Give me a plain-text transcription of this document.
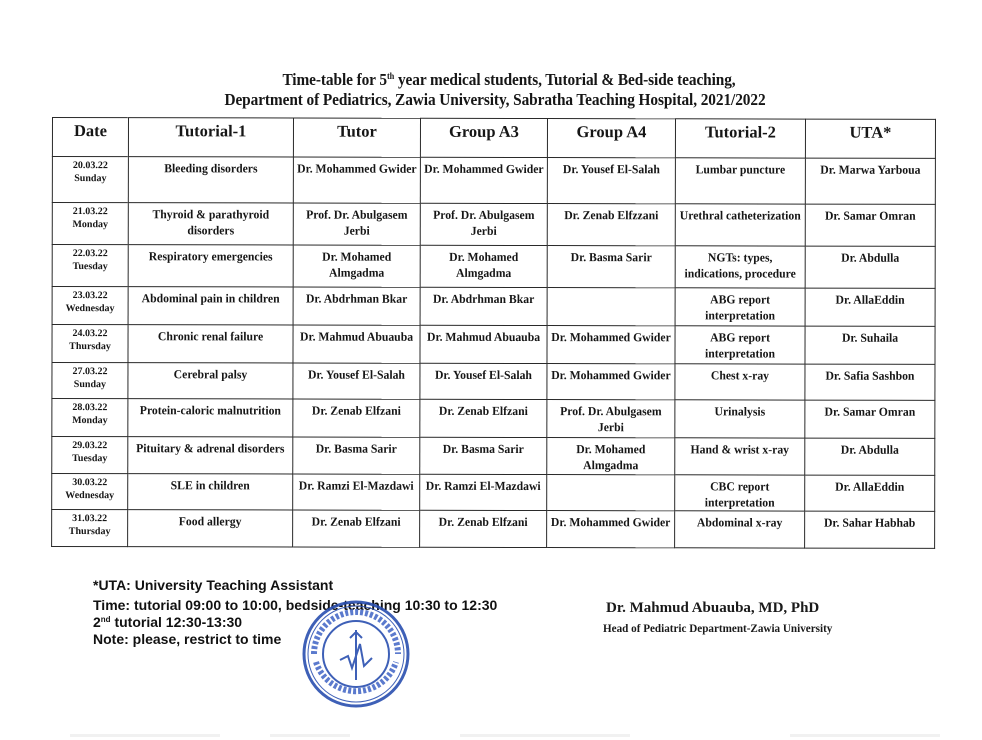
Time-table for 5th year medical students, Tutorial & Bed-side teaching,
Department of Pediatrics, Zawia University, Sabratha Teaching Hospital, 2021/2022
Date	Tutorial-1	Tutor	Group A3	Group A4	Tutorial-2	UTA*

20.03.22
Sunday	Bleeding disorders	Dr. Mohammed Gwider	Dr. Mohammed Gwider	Dr. Yousef El-Salah	Lumbar puncture	Dr. Marwa Yarboua

21.03.22
Monday	Thyroid & parathyroid disorders	Prof. Dr. Abulgasem Jerbi	Prof. Dr. Abulgasem Jerbi	Dr. Zenab Elfzzani	Urethral catheterization	Dr. Samar Omran

22.03.22
Tuesday	Respiratory emergencies	Dr. Mohamed Almgadma	Dr. Mohamed Almgadma	Dr. Basma Sarir	NGTs: types, indications, procedure	Dr. Abdulla

23.03.22
Wednesday	Abdominal pain in children	Dr. Abdrhman Bkar	Dr. Abdrhman Bkar		ABG report interpretation	Dr. AllaEddin

24.03.22
Thursday	Chronic renal failure	Dr. Mahmud Abuauba	Dr. Mahmud Abuauba	Dr. Mohammed Gwider	ABG report interpretation	Dr. Suhaila

27.03.22
Sunday	Cerebral palsy	Dr. Yousef El-Salah	Dr. Yousef El-Salah	Dr. Mohammed Gwider	Chest x-ray	Dr. Safia Sashbon

28.03.22
Monday	Protein-caloric malnutrition	Dr. Zenab Elfzani	Dr. Zenab Elfzani	Prof. Dr. Abulgasem Jerbi	Urinalysis	Dr. Samar Omran

29.03.22
Tuesday	Pituitary & adrenal disorders	Dr. Basma Sarir	Dr. Basma Sarir	Dr. Mohamed Almgadma	Hand & wrist x-ray	Dr. Abdulla

30.03.22
Wednesday	SLE in children	Dr. Ramzi El-Mazdawi	Dr. Ramzi El-Mazdawi		CBC report interpretation	Dr. AllaEddin

31.03.22
Thursday	Food allergy	Dr. Zenab Elfzani	Dr. Zenab Elfzani	Dr. Mohammed Gwider	Abdominal x-ray	Dr. Sahar Habhab
*UTA: University Teaching Assistant
Time: tutorial 09:00 to 10:00, bedside-teaching 10:30 to 12:30
2nd tutorial 12:30-13:30
Note: please, restrict to time
Dr. Mahmud Abuauba, MD, PhD
Head of Pediatric Department-Zawia University
